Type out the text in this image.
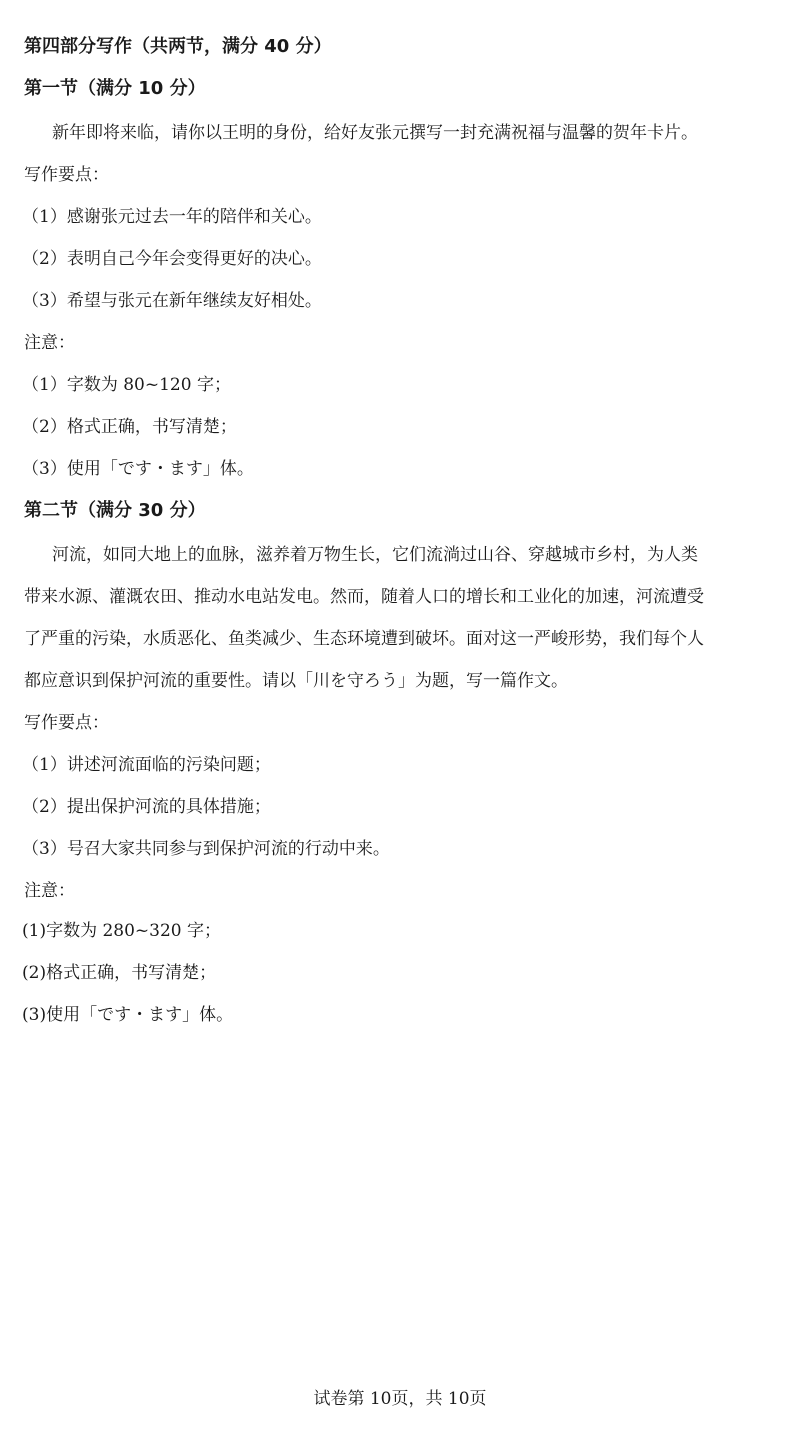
第四部分写作（共两节，满分 40 分）
第一节（满分 10 分）
新年即将来临，请你以王明的身份，给好友张元撰写一封充满祝福与温馨的贺年卡片。
写作要点：
（1）感谢张元过去一年的陪伴和关心。
（2）表明自己今年会变得更好的决心。
（3）希望与张元在新年继续友好相处。
注意：
（1）字数为 80~120 字；
（2）格式正确，书写清楚；
（3）使用「です・ます」体。
第二节（满分 30 分）
河流，如同大地上的血脉，滋养着万物生长，它们流淌过山谷、穿越城市乡村，为人类
带来水源、灌溉农田、推动水电站发电。然而，随着人口的增长和工业化的加速，河流遭受
了严重的污染，水质恶化、鱼类减少、生态环境遭到破坏。面对这一严峻形势，我们每个人
都应意识到保护河流的重要性。请以「川を守ろう」为题，写一篇作文。
写作要点：
（1）讲述河流面临的污染问题；
（2）提出保护河流的具体措施；
（3）号召大家共同参与到保护河流的行动中来。
注意：
(1)字数为 280~320 字；
(2)格式正确，书写清楚；
(3)使用「です・ます」体。
试卷第 10页，共 10页
